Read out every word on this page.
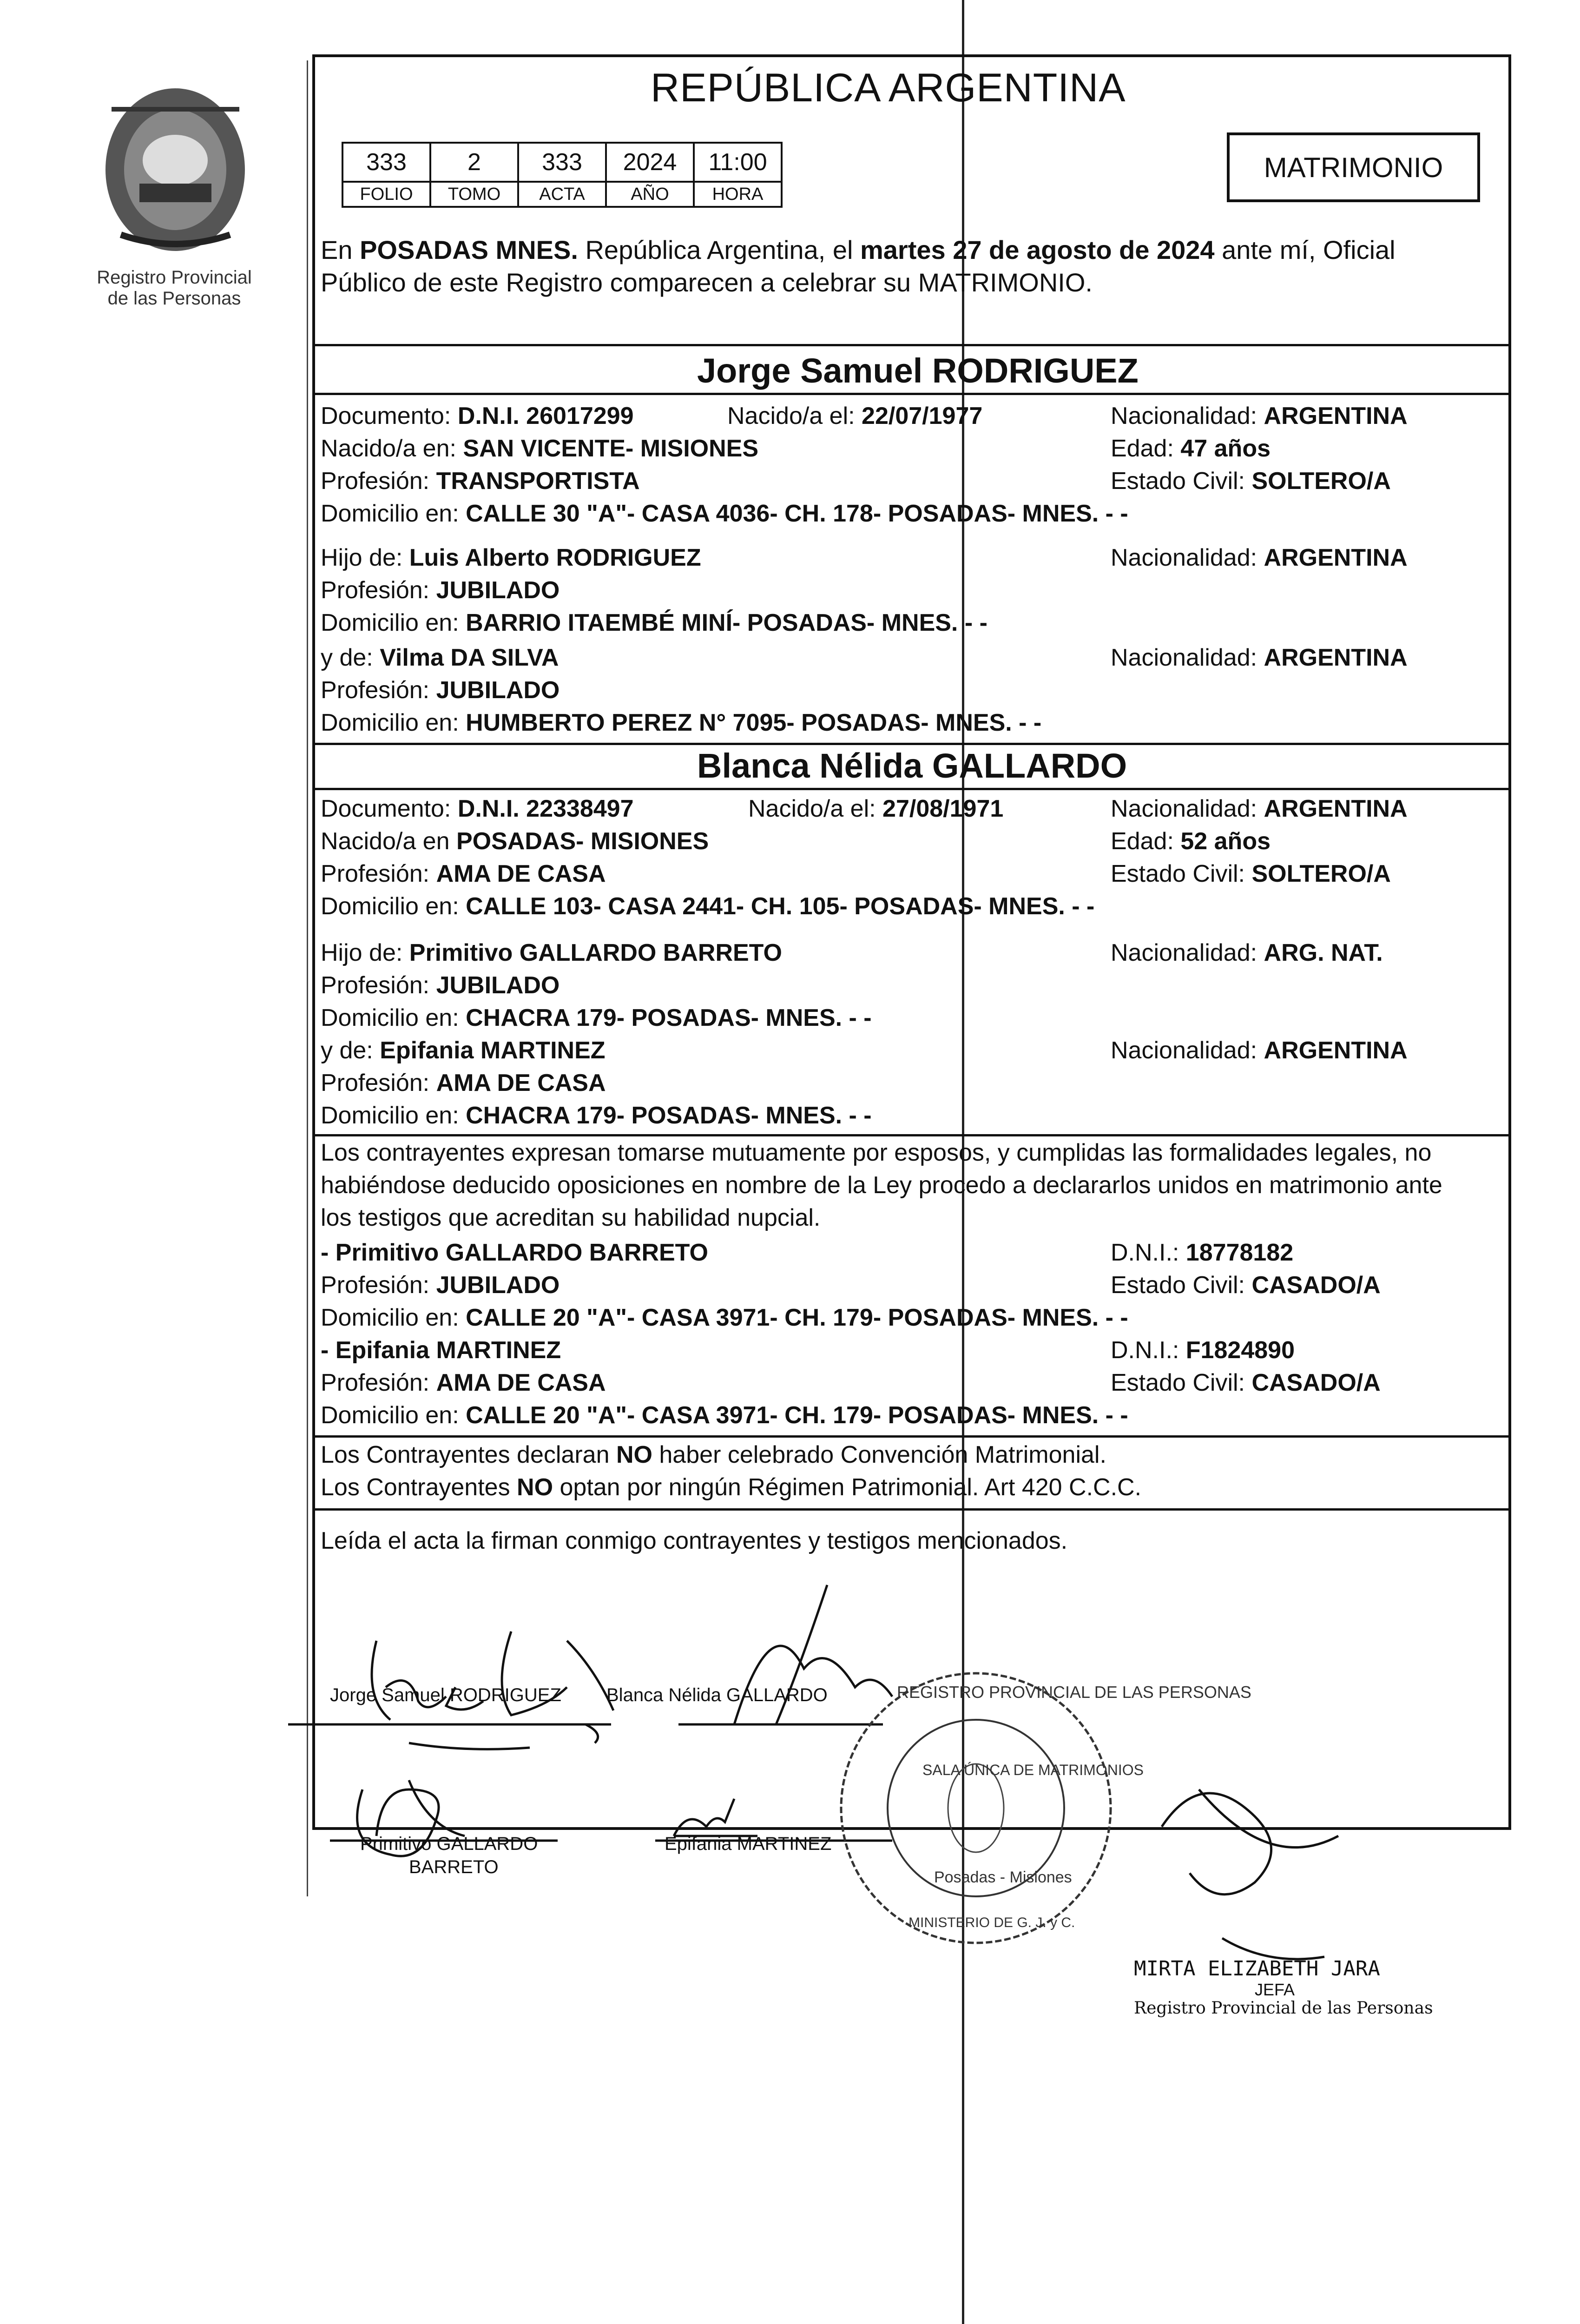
Registro Provincial
de las Personas
REPÚBLICA ARGENTINA
333	2	333	2024	11:00
FOLIO	TOMO	ACTA	AÑO	HORA
MATRIMONIO
En POSADAS MNES. República Argentina, el martes 27 de agosto de 2024 ante mí, Oficial
Público de este Registro comparecen a celebrar su MATRIMONIO.
Jorge Samuel RODRIGUEZ
Documento: D.N.I. 26017299	Nacido/a el: 22/07/1977	Nacionalidad: ARGENTINA
Nacido/a en: SAN VICENTE- MISIONES	Edad: 47 años
Profesión: TRANSPORTISTA	Estado Civil: SOLTERO/A
Domicilio en: CALLE 30 "A"- CASA 4036- CH. 178- POSADAS- MNES. - -
Hijo de: Luis Alberto RODRIGUEZ	Nacionalidad: ARGENTINA
Profesión: JUBILADO
Domicilio en: BARRIO ITAEMBÉ MINÍ- POSADAS- MNES. - -
y de: Vilma DA SILVA	Nacionalidad: ARGENTINA
Profesión: JUBILADO
Domicilio en: HUMBERTO PEREZ N° 7095- POSADAS- MNES. - -
Blanca Nélida GALLARDO
Documento: D.N.I. 22338497	Nacido/a el: 27/08/1971	Nacionalidad: ARGENTINA
Nacido/a en POSADAS- MISIONES	Edad: 52 años
Profesión: AMA DE CASA	Estado Civil: SOLTERO/A
Domicilio en: CALLE 103- CASA 2441- CH. 105- POSADAS- MNES. - -
Hijo de: Primitivo GALLARDO BARRETO	Nacionalidad: ARG. NAT.
Profesión: JUBILADO
Domicilio en: CHACRA 179- POSADAS- MNES. - -
y de: Epifania MARTINEZ	Nacionalidad: ARGENTINA
Profesión: AMA DE CASA
Domicilio en: CHACRA 179- POSADAS- MNES. - -
Los contrayentes expresan tomarse mutuamente por esposos, y cumplidas las formalidades legales, no
habiéndose deducido oposiciones en nombre de la Ley procedo a declararlos unidos en matrimonio ante
los testigos que acreditan su habilidad nupcial.
- Primitivo GALLARDO BARRETO	D.N.I.: 18778182
Profesión: JUBILADO	Estado Civil: CASADO/A
Domicilio en: CALLE 20 "A"- CASA 3971- CH. 179- POSADAS- MNES. - -
- Epifania MARTINEZ	D.N.I.: F1824890
Profesión: AMA DE CASA	Estado Civil: CASADO/A
Domicilio en: CALLE 20 "A"- CASA 3971- CH. 179- POSADAS- MNES. - -
Los Contrayentes declaran NO haber celebrado Convención Matrimonial.
Los Contrayentes NO optan por ningún Régimen Patrimonial. Art 420 C.C.C.
Leída el acta la firman conmigo contrayentes y testigos mencionados.
REGISTRO PROVINCIAL DE LAS PERSONAS
SALA ÚNICA DE MATRIMONIOS
Posadas - Misiones
MINISTERIO DE G. J. y C.
Jorge Samuel RODRIGUEZ Blanca Nélida GALLARDO
Primitivo GALLARDO
BARRETO
Epifania MARTINEZ
MIRTA ELIZABETH JARA
JEFA
Registro Provincial de las Personas
